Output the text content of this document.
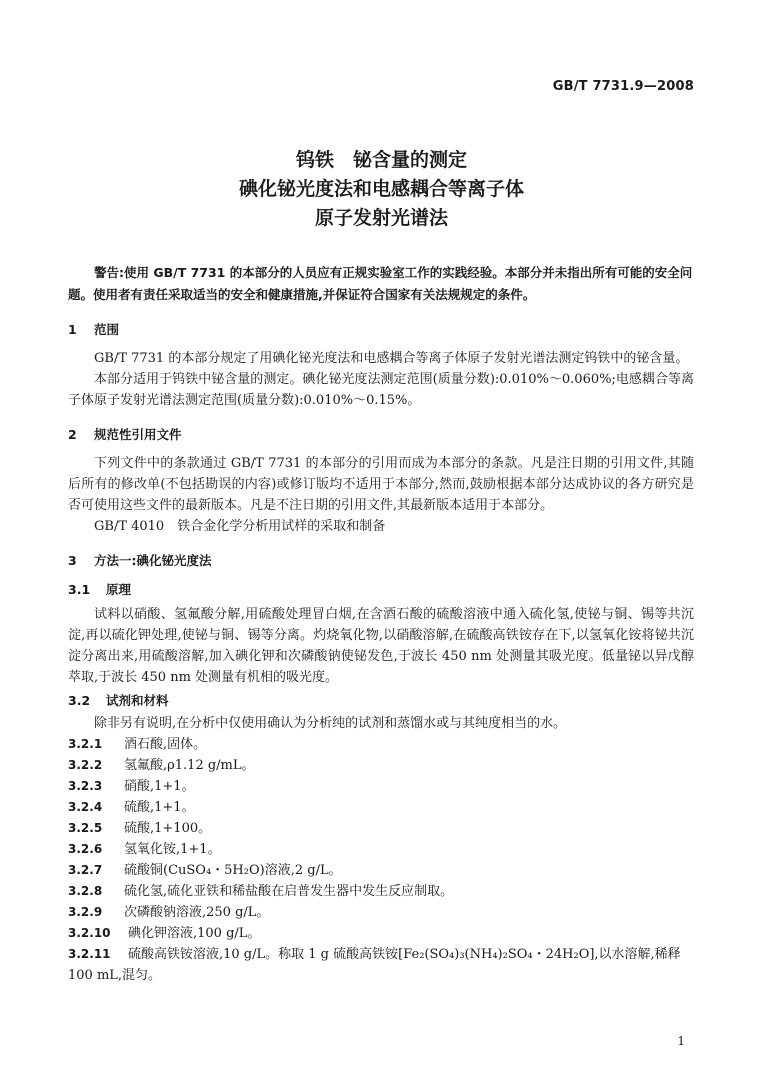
GB/T 7731.9—2008
钨铁　铋含量的测定
碘化铋光度法和电感耦合等离子体
原子发射光谱法

警告:使用 GB/T 7731 的本部分的人员应有正规实验室工作的实践经验。本部分并未指出所有可能的安全问题。使用者有责任采取适当的安全和健康措施,并保证符合国家有关法规规定的条件。

1 范围

GB/T 7731 的本部分规定了用碘化铋光度法和电感耦合等离子体原子发射光谱法测定钨铁中的铋含量。

本部分适用于钨铁中铋含量的测定。碘化铋光度法测定范围(质量分数):0.010%～0.060%;电感耦合等离子体原子发射光谱法测定范围(质量分数):0.010%～0.15%。

2 规范性引用文件

下列文件中的条款通过 GB/T 7731 的本部分的引用而成为本部分的条款。凡是注日期的引用文件,其随后所有的修改单(不包括勘误的内容)或修订版均不适用于本部分,然而,鼓励根据本部分达成协议的各方研究是否可使用这些文件的最新版本。凡是不注日期的引用文件,其最新版本适用于本部分。

GB/T 4010　铁合金化学分析用试样的采取和制备

3 方法一:碘化铋光度法
3.1 原理

试料以硝酸、氢氟酸分解,用硫酸处理冒白烟,在含酒石酸的硫酸溶液中通入硫化氢,使铋与铜、锡等共沉淀,再以硫化钾处理,使铋与铜、锡等分离。灼烧氧化物,以硝酸溶解,在硫酸高铁铵存在下,以氢氧化铵将铋共沉淀分离出来,用硫酸溶解,加入碘化钾和次磷酸钠使铋发色,于波长 450 nm 处测量其吸光度。低量铋以异戊醇萃取,于波长 450 nm 处测量有机相的吸光度。

3.2 试剂和材料

除非另有说明,在分析中仅使用确认为分析纯的试剂和蒸馏水或与其纯度相当的水。

3.2.1 酒石酸,固体。

3.2.2 氢氟酸,ρ1.12 g/mL。

3.2.3 硝酸,1+1。

3.2.4 硫酸,1+1。

3.2.5 硫酸,1+100。

3.2.6 氢氧化铵,1+1。

3.2.7 硫酸铜(CuSO₄・5H₂O)溶液,2 g/L。

3.2.8 硫化氢,硫化亚铁和稀盐酸在启普发生器中发生反应制取。

3.2.9 次磷酸钠溶液,250 g/L。

3.2.10 碘化钾溶液,100 g/L。

3.2.11 硫酸高铁铵溶液,10 g/L。称取 1 g 硫酸高铁铵[Fe₂(SO₄)₃(NH₄)₂SO₄・24H₂O],以水溶解,稀释 100 mL,混匀。

1
